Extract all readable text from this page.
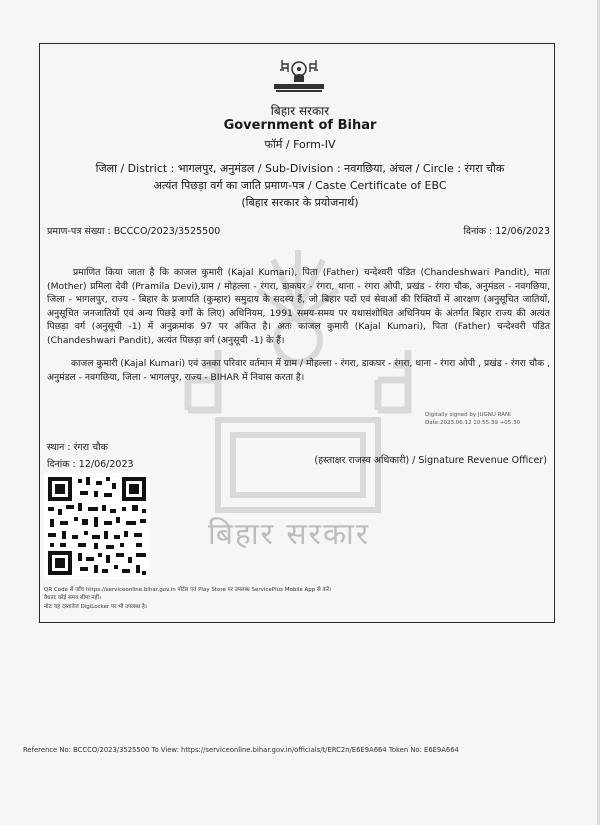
बिहार सरकार
Government of Bihar
फॉर्म / Form-IV
जिला / District : भागलपुर, अनुमंडल / Sub-Division : नवगछिया, अंचल / Circle : रंगरा चौक
अत्यंत पिछड़ा वर्ग का जाति प्रमाण-पत्र / Caste Certificate of EBC
(बिहार सरकार के प्रयोजनार्थ)
प्रमाण-पत्र संख्या : BCCCO/2023/3525500	दिनांक : 12/06/2023
बिहार सरकार
प्रमाणित किया जाता है कि काजल कुमारी (Kajal Kumari), पिता (Father) चन्देश्वरी पंडित (Chandeshwari Pandit), माता (Mother) प्रमिला देवी (Pramila Devi),ग्राम / मोहल्ला - रंगरा, डाकघर - रंगरा, थाना - रंगरा ओपी, प्रखंड - रंगरा चौक, अनुमंडल - नवगछिया, जिला - भागलपुर, राज्य - बिहार के प्रजापति (कुम्हार) समुदाय के सदस्य हैं, जो बिहार पदों एवं सेवाओं की रिक्तियों में आरक्षण (अनुसूचित जातियों, अनुसूचित जनजातियों एवं अन्य पिछड़े वर्गों के लिए) अधिनियम, 1991 समय-समय पर यथासंशोधित अधिनियम के अंतर्गत बिहार राज्य की अत्यंत पिछड़ा वर्ग (अनुसूची -1) में अनुक्रमांक 97 पर अंकित है। अतः काजल कुमारी (Kajal Kumari), पिता (Father) चन्देश्वरी पंडित (Chandeshwari Pandit), अत्यंत पिछड़ा वर्ग (अनुसूची -1) के हैं।
काजल कुमारी (Kajal Kumari) एवं उनका परिवार वर्तमान में ग्राम / मोहल्ला - रंगरा, डाकघर - रंगरा, थाना - रंगरा ओपी , प्रखंड - रंगरा चौक , अनुमंडल - नवगछिया, जिला - भागलपुर, राज्य - BIHAR में निवास करता है।
Digitally signed by JUGNU RANI
Date:2023.06.12 10:55:39 +05:30
स्थान : रंगरा चौक
दिनांक : 12/06/2023	(हस्ताक्षर राजस्व अधिकारी) / Signature Revenue Officer)
QR Code से जाँच https://serviceonline.bihar.gov.in पोर्टल एवं Play Store पर उपलब्ध ServicePlus Mobile App से करें।
वैधताः कोई समय सीमा नहीं।
नोटः यह दस्तावेज DigiLocker पर भी उपलब्ध है।
Reference No: BCCCO/2023/3525500 To View: https://serviceonline.bihar.gov.in/officials/t/ERC2n/E6E9A664 Token No: E6E9A664
